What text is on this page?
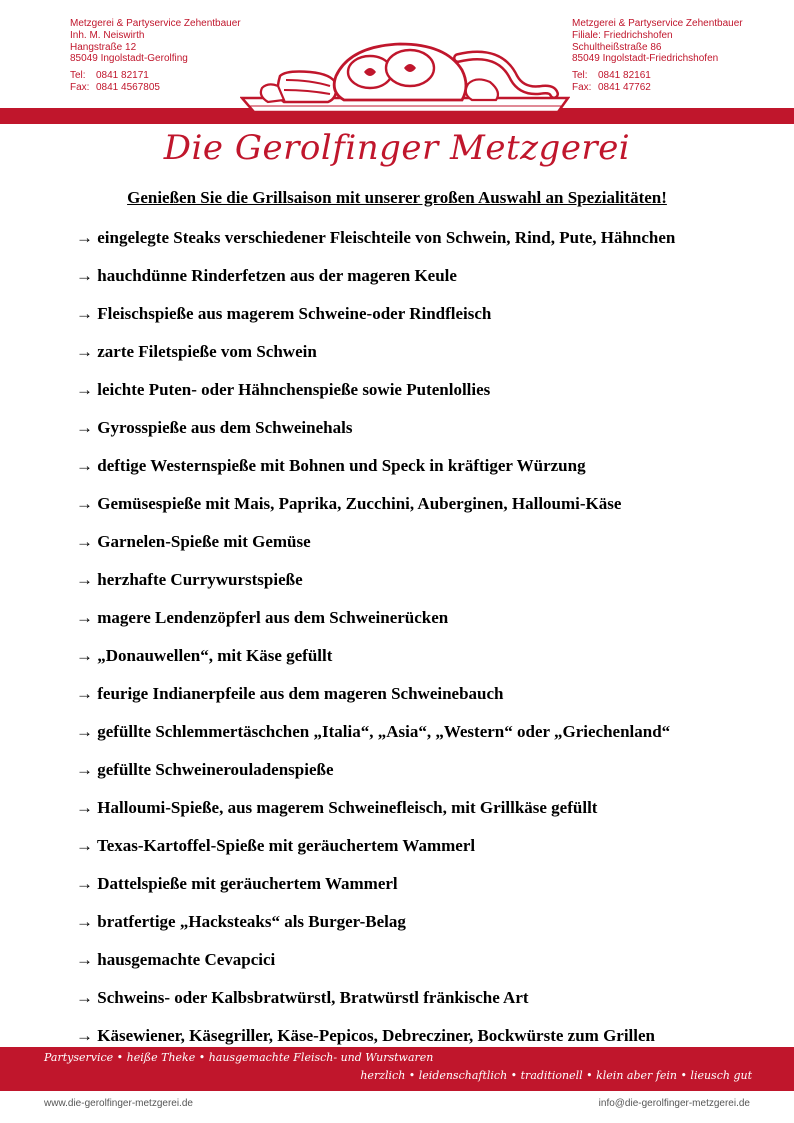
Metzgerei & Partyservice Zehentbauer
Inh. M. Neiswirth
Hangstraße 12
85049 Ingolstadt-Gerolfing
Tel: 0841 82171
Fax: 0841 4567805
Metzgerei & Partyservice Zehentbauer
Filiale: Friedrichshofen
Schultheißstraße 86
85049 Ingolstadt-Friedrichshofen
Tel: 0841 82161
Fax: 0841 47762
Die Gerolfinger Metzgerei
Genießen Sie die Grillsaison mit unserer großen Auswahl an Spezialitäten!
→ eingelegte Steaks verschiedener Fleischteile von Schwein, Rind, Pute, Hähnchen
→ hauchdünne Rinderfetzen aus der mageren Keule
→ Fleischspieße aus magerem Schweine-oder Rindfleisch
→ zarte Filetspieße vom Schwein
→ leichte Puten- oder Hähnchenspieße sowie Putenlollies
→ Gyrosspieße aus dem Schweinehals
→ deftige Westernspieße mit Bohnen und Speck in kräftiger Würzung
→ Gemüsespieße mit Mais, Paprika, Zucchini, Auberginen, Halloumi-Käse
→ Garnelen-Spieße mit Gemüse
→ herzhafte Currywurstspieße
→ magere Lendenzöpferl aus dem Schweinerücken
→ „Donauwellen“, mit Käse gefüllt
→ feurige Indianerpfeile aus dem mageren Schweinebauch
→ gefüllte Schlemmertäschchen „Italia“, „Asia“, „Western“ oder „Griechenland“
→ gefüllte Schweinerouladenspieße
→ Halloumi-Spieße, aus magerem Schweinefleisch, mit Grillkäse gefüllt
→ Texas-Kartoffel-Spieße mit geräuchertem Wammerl
→ Dattelspieße mit geräuchertem Wammerl
→ bratfertige „Hacksteaks“ als Burger-Belag
→ hausgemachte Cevapcici
→ Schweins- oder Kalbsbratwürstl, Bratwürstl fränkische Art
→ Käsewiener, Käsegriller, Käse-Pepicos, Debrecziner, Bockwürste zum Grillen
Partyservice • heiße Theke • hausgemachte Fleisch- und Wurstwaren
herzlich • leidenschaftlich • traditionell • klein aber fein • lieusch gut
www.die-gerolfinger-metzgerei.de	info@die-gerolfinger-metzgerei.de
